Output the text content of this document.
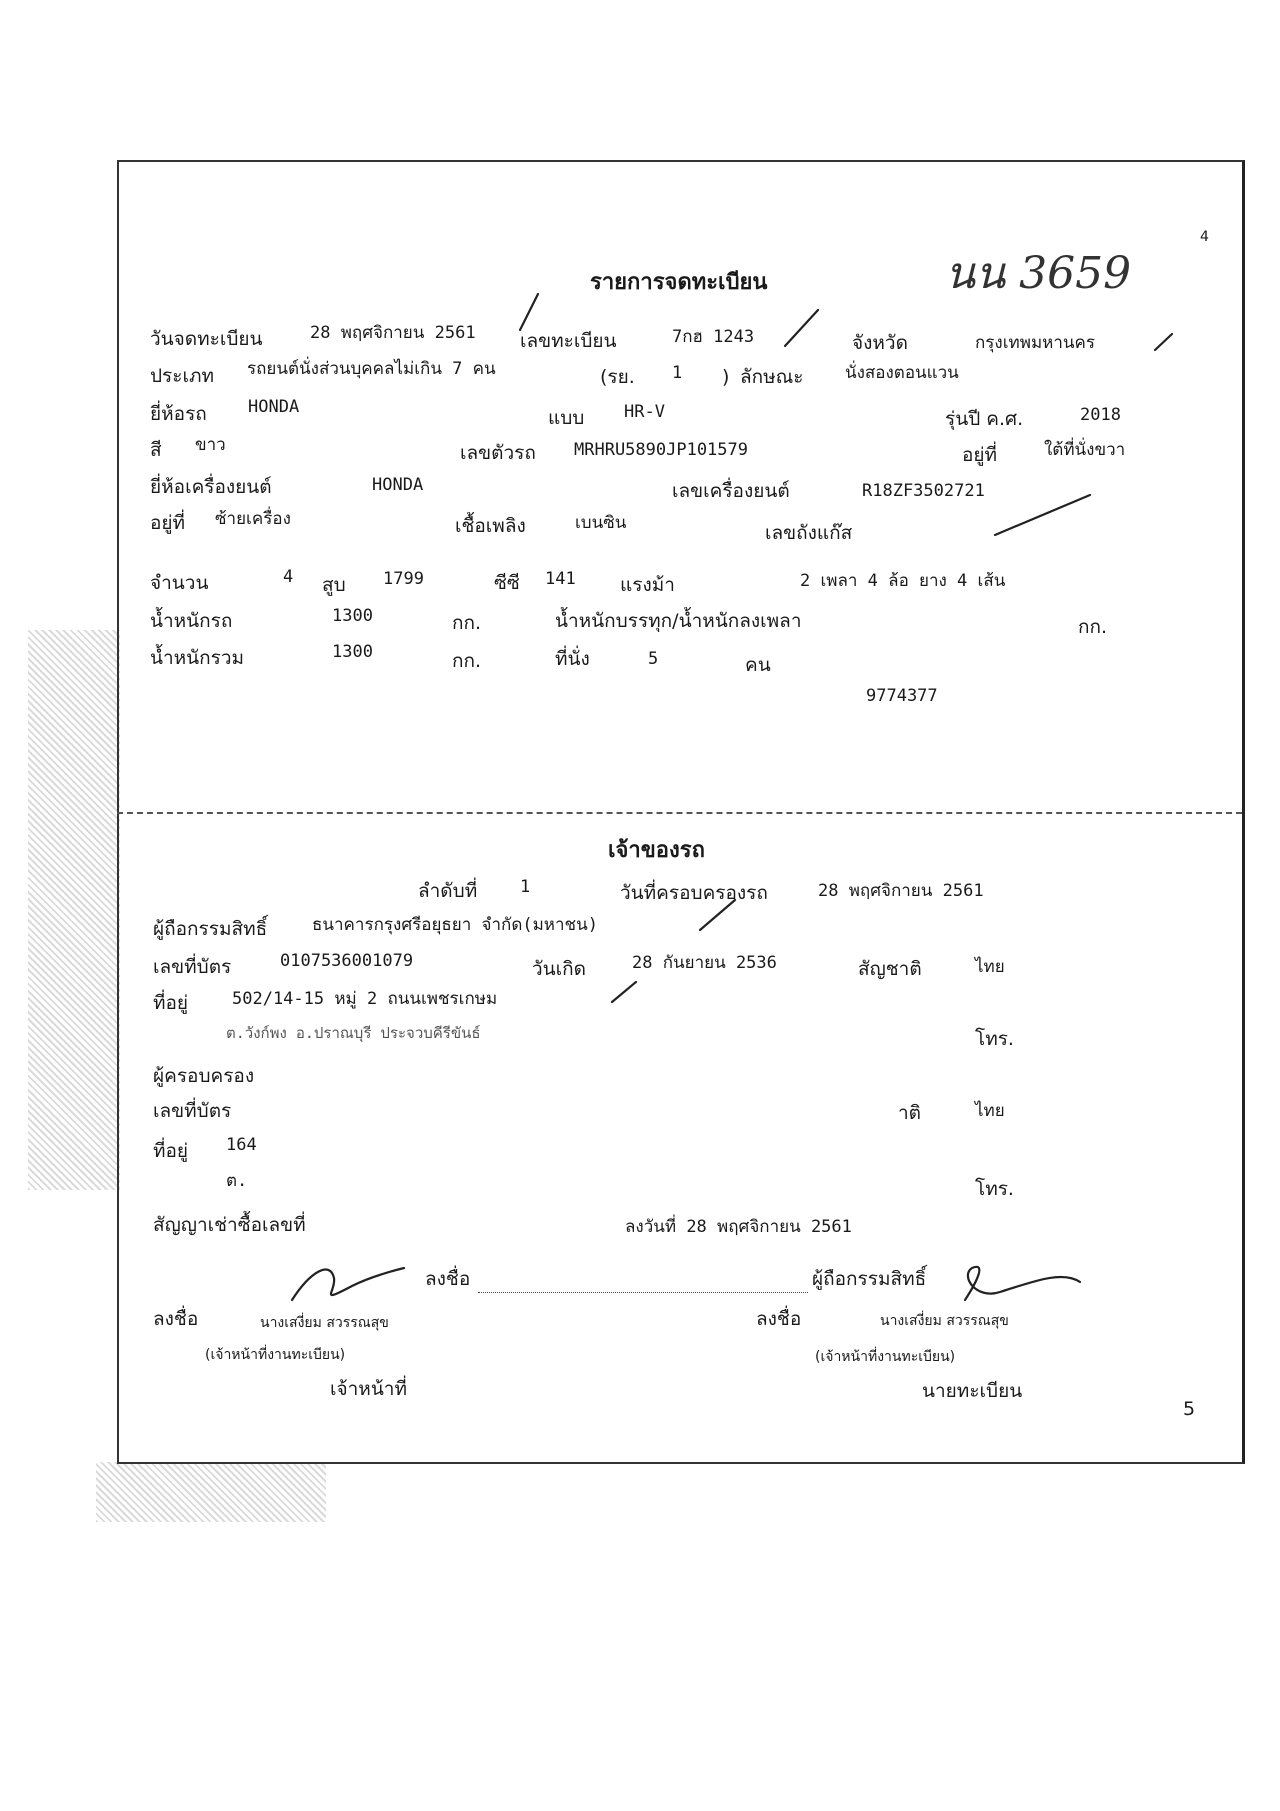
นน 3659
4
รายการจดทะเบียน
วันจดทะเบียน	28 พฤศจิกายน 2561 เลขทะเบียน	7กฮ 1243	จังหวัด	กรุงเทพมหานคร
ประเภท รถยนต์นั่งส่วนบุคคลไม่เกิน 7 คน	(รย. 1 ) ลักษณะ นั่งสองตอนแวน
ยี่ห้อรถ HONDA	แบบ HR-V	รุ่นปี ค.ศ.	2018
สี ขาว	เลขตัวรถ MRHRU5890JP101579	อยู่ที่	ใต้ที่นั่งขวา
ยี่ห้อเครื่องยนต์	HONDA	เลขเครื่องยนต์	R18ZF3502721
อยู่ที่ ซ้ายเครื่อง	เชื้อเพลิง	เบนซิน	เลขถังแก๊ส
จำนวน	4 สูบ 1799	ซีซี 141 แรงม้า	2 เพลา 4 ล้อ ยาง 4 เส้น
น้ำหนักรถ	1300	กก.	น้ำหนักบรรทุก/น้ำหนักลงเพลา	กก.
น้ำหนักรวม	1300	กก.	ที่นั่ง	5	คน
9774377
เจ้าของรถ
ลำดับที่	1	วันที่ครอบครองรถ	28 พฤศจิกายน 2561
ผู้ถือกรรมสิทธิ์	ธนาคารกรุงศรีอยุธยา จำกัด(มหาชน)
เลขที่บัตร	0107536001079	วันเกิด	28 กันยายน 2536	สัญชาติ	ไทย
ที่อยู่	502/14-15 หมู่ 2 ถนนเพชรเกษม
ต.วังก์พง อ.ปราณบุรี ประจวบคีรีขันธ์	โทร.
ผู้ครอบครอง
เลขที่บัตร	าติ	ไทย
ที่อยู่ 164
ต.	โทร.
สัญญาเช่าซื้อเลขที่	ลงวันที่ 28 พฤศจิกายน 2561
ลงชื่อ	ผู้ถือกรรมสิทธิ์
ลงชื่อ	นางเสงี่ยม สวรรณสุข
(เจ้าหน้าที่งานทะเบียน)
เจ้าหน้าที่
ลงชื่อ	นางเสงี่ยม สวรรณสุข
(เจ้าหน้าที่งานทะเบียน)
นายทะเบียน
5
